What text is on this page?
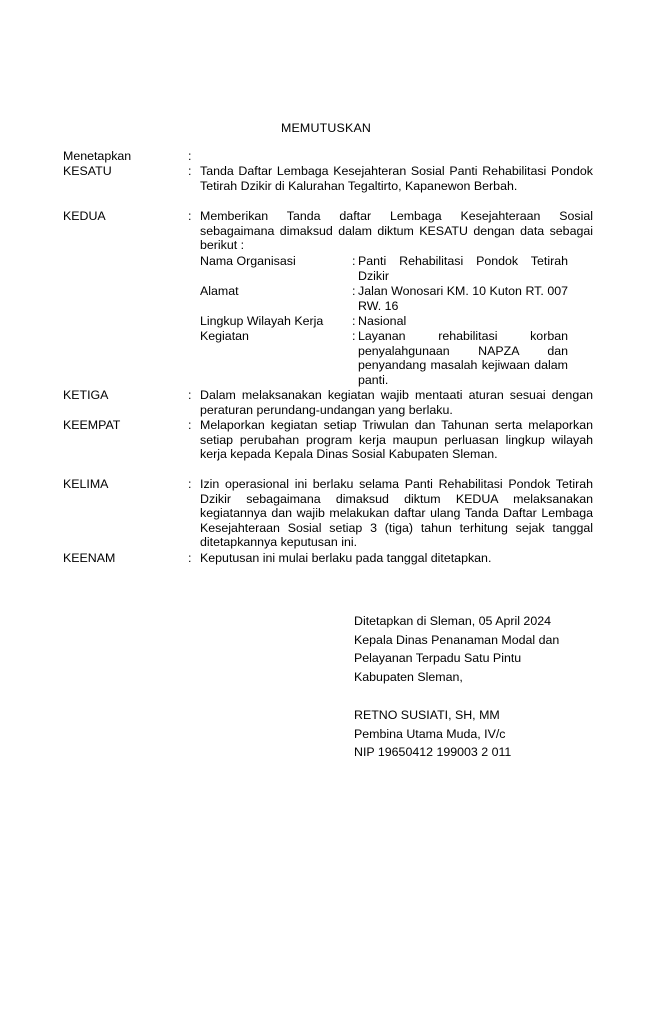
MEMUTUSKAN
Menetapkan	:
KESATU	: Tanda Daftar Lembaga Kesejahteran Sosial Panti Rehabilitasi Pondok Tetirah Dzikir di Kalurahan Tegaltirto, Kapanewon Berbah.
KEDUA	: Memberikan Tanda daftar Lembaga Kesejahteraan Sosial sebagaimana dimaksud dalam diktum KESATU dengan data sebagai berikut :
Nama Organisasi	: Panti Rehabilitasi Pondok Tetirah Dzikir
Alamat	: Jalan Wonosari KM. 10 Kuton RT. 007 RW. 16
Lingkup Wilayah Kerja : Nasional
Kegiatan	: Layanan rehabilitasi korban penyalahgunaan NAPZA dan penyandang masalah kejiwaan dalam panti.
KETIGA	: Dalam melaksanakan kegiatan wajib mentaati aturan sesuai dengan peraturan perundang-undangan yang berlaku.
KEEMPAT	: Melaporkan kegiatan setiap Triwulan dan Tahunan serta melaporkan setiap perubahan program kerja maupun perluasan lingkup wilayah kerja kepada Kepala Dinas Sosial Kabupaten Sleman.
KELIMA	: Izin operasional ini berlaku selama Panti Rehabilitasi Pondok Tetirah Dzikir sebagaimana dimaksud diktum KEDUA melaksanakan kegiatannya dan wajib melakukan daftar ulang Tanda Daftar Lembaga Kesejahteraan Sosial setiap 3 (tiga) tahun terhitung sejak tanggal ditetapkannya keputusan ini.
KEENAM	: Keputusan ini mulai berlaku pada tanggal ditetapkan.
Ditetapkan di Sleman, 05 April 2024
Kepala Dinas Penanaman Modal dan
Pelayanan Terpadu Satu Pintu
Kabupaten Sleman,
RETNO SUSIATI, SH, MM
Pembina Utama Muda, IV/c
NIP 19650412 199003 2 011
